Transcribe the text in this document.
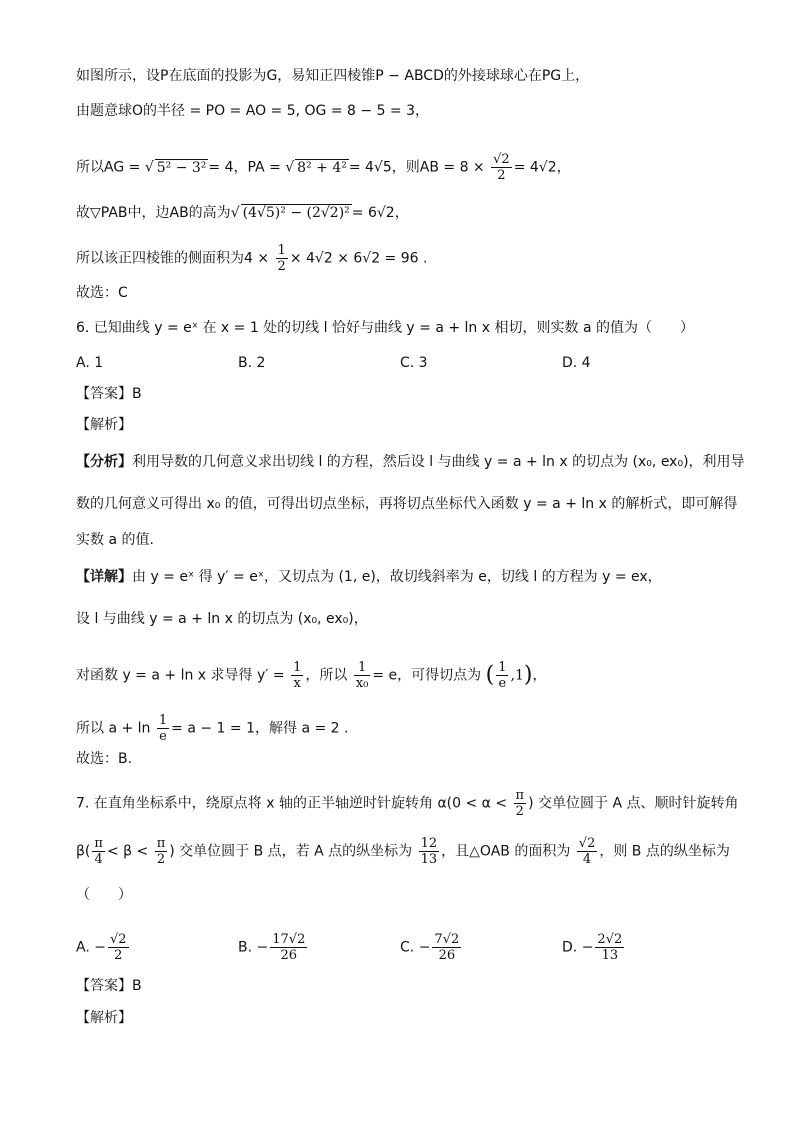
如图所示，设P在底面的投影为G，易知正四棱锥P − ABCD的外接球球心在PG上，
由题意球O的半径 = PO = AO = 5, OG = 8 − 5 = 3，
所以AG = √ 5² − 3² = 4，PA = √ 8² + 4² = 4√5，则AB = $8 \times \frac{√2}{2} = 4√2$，
故▽PAB中，边AB的高为√ (4√5)² − (2√2)² = 6√2，
所以该正四棱锥的侧面积为$4 \times \frac{1}{2} \times 4√2 \times 6√2 = 96$ .
故选：C
6. 已知曲线 y = eˣ 在 x = 1 处的切线 l 恰好与曲线 y = a + ln x 相切，则实数 a 的值为（　　）
A. 1	B. 2	C. 3	D. 4
【答案】B
【解析】
【分析】利用导数的几何意义求出切线 l 的方程，然后设 l 与曲线 y = a + ln x 的切点为 (x₀, ex₀)，利用导
数的几何意义可得出 x₀ 的值，可得出切点坐标，再将切点坐标代入函数 y = a + ln x 的解析式，即可解得
实数 a 的值.
【详解】由 y = eˣ 得 y′ = eˣ，又切点为 (1, e)，故切线斜率为 e，切线 l 的方程为 y = ex，
设 l 与曲线 y = a + ln x 的切点为 (x₀, ex₀)，
对函数 y = a + ln x 求导得 $y' = \frac{1}{x}$ ，所以 $\frac{1}{\text{x₀}} = e$，可得切点为 ( $\frac{1}{e} ,1$)，
所以 $a + \ln \frac{1}{e} = a - 1 = 1$，解得 a = 2 .
故选：B.
7. 在直角坐标系中，绕原点将 x 轴的正半轴逆时针旋转角 $\alpha(0 < \alpha < \frac{\pi}{2}$ ) 交单位圆于 A 点、顺时针旋转角
$\beta( \frac{\pi}{4} < \beta < \frac{\pi}{2}$ ) 交单位圆于 B 点，若 A 点的纵坐标为 $\frac{12}{13}$ ，且△OAB 的面积为 $\frac{√2}{4}$ ，则 B 点的纵坐标为
（　　）
A. − $\frac{√2}{2}$	B. − $\frac{17√2}{26}$	C. − $\frac{7√2}{26}$	D. − $\frac{2√2}{13}$
【答案】B
【解析】
